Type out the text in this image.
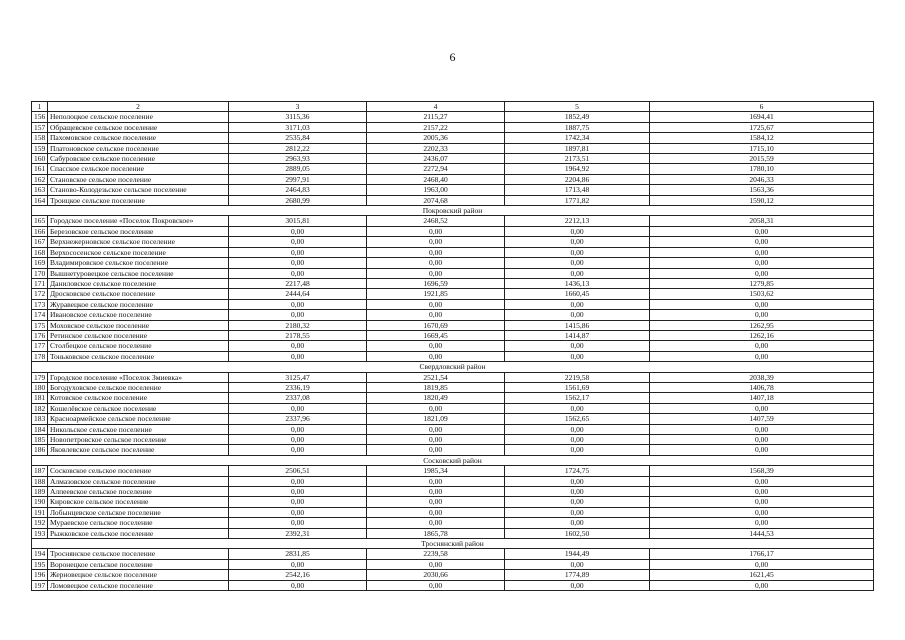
6
1	2	3	4	5	6
156	Неполоцкое сельское поселение	3115,36	2115,27	1852,49	1694,41
157	Обращевское сельское поселение	3171,03	2157,22	1887,75	1725,67
158	Пахомовское сельское поселение	2535,84	2005,36	1742,34	1584,12
159	Платоновское сельское поселение	2812,22	2202,33	1897,81	1715,10
160	Сабуровское сельское поселение	2963,93	2436,07	2173,51	2015,59
161	Спасское сельское поселение	2889,05	2272,94	1964,92	1780,10
162	Становское сельское поселение	2997,91	2468,40	2204,86	2046,33
163	Станово-Колодезьское сельское поселение	2464,83	1963,00	1713,48	1563,36
164	Троицкое сельское поселение	2680,99	2074,68	1771,82	1590,12
Покровский район					
165	Городское поселение «Поселок Покровское»	3015,81	2468,52	2212,13	2058,31
166	Березовское сельское поселение	0,00	0,00	0,00	0,00
167	Верхнежерновское сельское поселение	0,00	0,00	0,00	0,00
168	Верхососенское сельское поселение	0,00	0,00	0,00	0,00
169	Владимировское сельское поселение	0,00	0,00	0,00	0,00
170	Вышнетуровецкое сельское поселение	0,00	0,00	0,00	0,00
171	Даниловское сельское поселение	2217,48	1696,59	1436,13	1279,85
172	Дросковское сельское поселение	2444,64	1921,85	1660,45	1503,62
173	Журавецкое сельское поселение	0,00	0,00	0,00	0,00
174	Ивановское сельское поселение	0,00	0,00	0,00	0,00
175	Моховское сельское поселение	2180,32	1670,69	1415,86	1262,95
176	Ретинское сельское поселение	2178,55	1669,45	1414,87	1262,16
177	Столбецкое сельское поселение	0,00	0,00	0,00	0,00
178	Тоньковское сельское поселение	0,00	0,00	0,00	0,00
Свердловский район					
179	Городское поселение «Поселок Змиевка»	3125,47	2521,54	2219,58	2038,39
180	Богодуховское сельское поселение	2336,19	1819,85	1561,69	1406,78
181	Котовское сельское поселение	2337,08	1820,49	1562,17	1407,18
182	Кошелёвское сельское поселение	0,00	0,00	0,00	0,00
183	Красноармейское сельское поселение	2337,96	1821,09	1562,65	1407,59
184	Никольское сельское поселение	0,00	0,00	0,00	0,00
185	Новопетровское сельское поселение	0,00	0,00	0,00	0,00
186	Яковлевское сельское поселение	0,00	0,00	0,00	0,00
Сосковский район					
187	Сосковское сельское поселение	2506,51	1985,34	1724,75	1568,39
188	Алмазовское сельское поселение	0,00	0,00	0,00	0,00
189	Алпеевское сельское поселение	0,00	0,00	0,00	0,00
190	Кировское сельское поселение	0,00	0,00	0,00	0,00
191	Лобынцевское сельское поселение	0,00	0,00	0,00	0,00
192	Мураевское сельское поселение	0,00	0,00	0,00	0,00
193	Рыжковское сельское поселение	2392,31	1865,78	1602,50	1444,53
Троснянский район					
194	Троснянское сельское поселение	2831,85	2239,58	1944,49	1766,17
195	Воронецкое сельское поселение	0,00	0,00	0,00	0,00
196	Жерновецкое сельское поселение	2542,16	2030,66	1774,89	1621,45
197	Ломовецкое сельское поселение	0,00	0,00	0,00	0,00
